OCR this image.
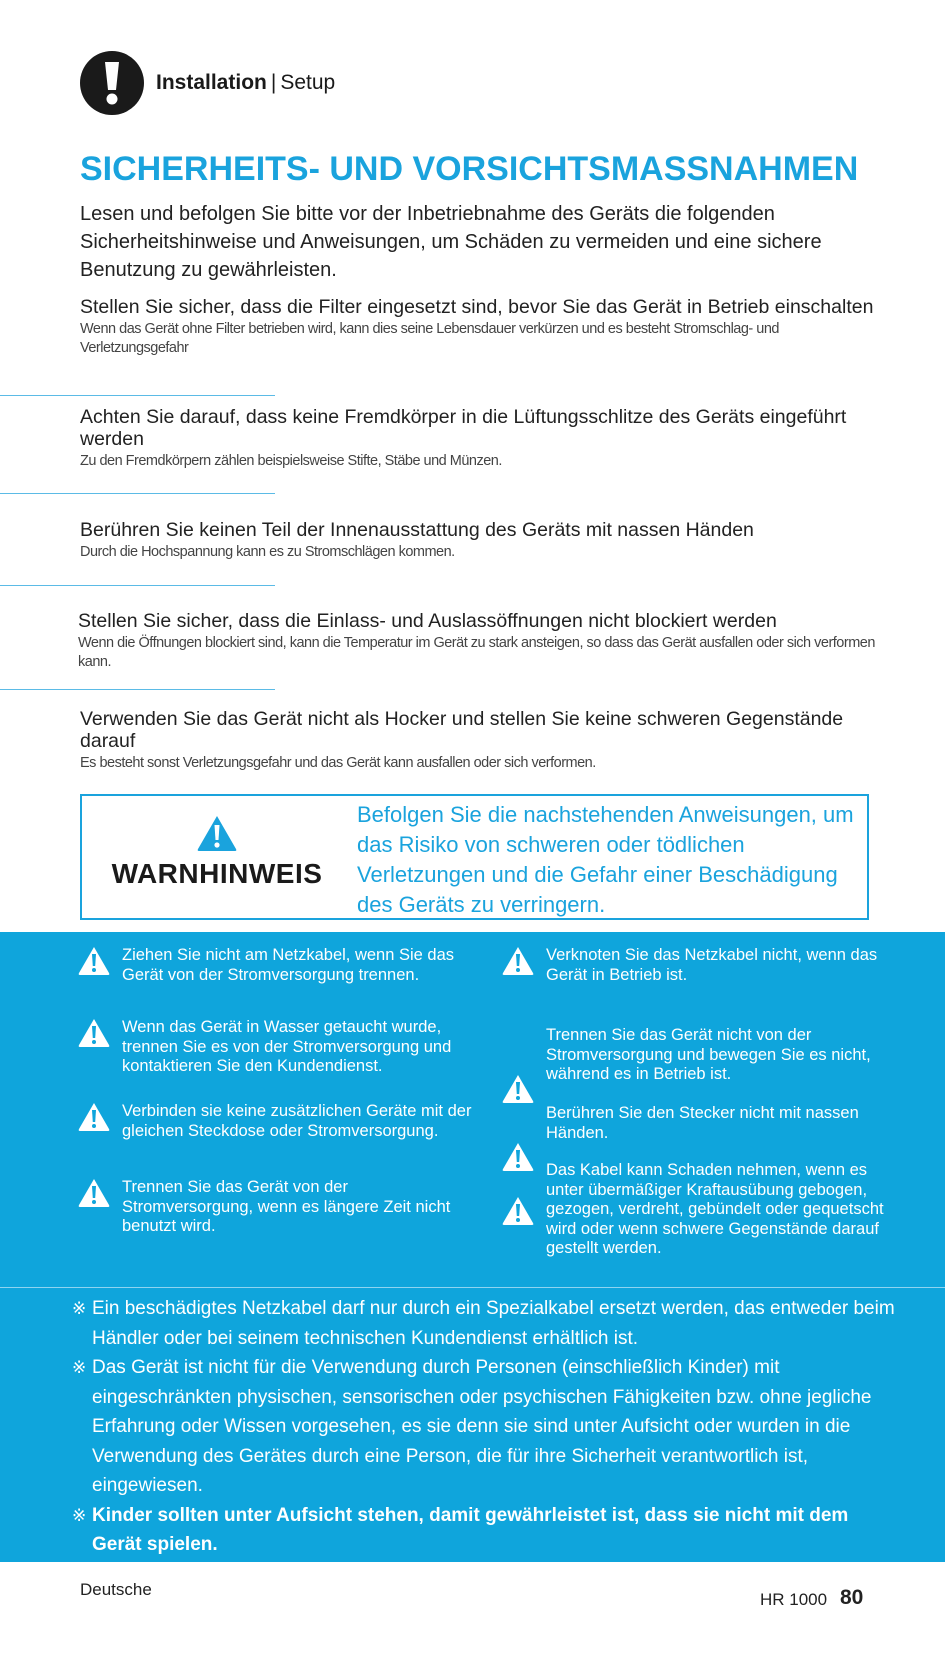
Installation | Setup
SICHERHEITS- UND VORSICHTSMASSNAHMEN

Lesen und befolgen Sie bitte vor der Inbetriebnahme des Geräts die folgenden Sicherheitshinweise und Anweisungen, um Schäden zu vermeiden und eine sichere Benutzung zu gewährleisten.

Stellen Sie sicher, dass die Filter eingesetzt sind, bevor Sie das Gerät in Betrieb einschalten
Wenn das Gerät ohne Filter betrieben wird, kann dies seine Lebensdauer verkürzen und es besteht Stromschlag- und Verletzungsgefahr
Achten Sie darauf, dass keine Fremdkörper in die Lüftungsschlitze des Geräts eingeführt werden
Zu den Fremdkörpern zählen beispielsweise Stifte, Stäbe und Münzen.
Berühren Sie keinen Teil der Innenausstattung des Geräts mit nassen Händen
Durch die Hochspannung kann es zu Stromschlägen kommen.
Stellen Sie sicher, dass die Einlass- und Auslassöffnungen nicht blockiert werden
Wenn die Öffnungen blockiert sind, kann die Temperatur im Gerät zu stark ansteigen, so dass das Gerät ausfallen oder sich verformen kann.
Verwenden Sie das Gerät nicht als Hocker und stellen Sie keine schweren Gegenstände darauf
Es besteht sonst Verletzungsgefahr und das Gerät kann ausfallen oder sich verformen.
WARNHINWEIS
Befolgen Sie die nachstehenden Anweisungen, um das Risiko von schweren oder tödlichen Verletzungen und die Gefahr einer Beschädigung des Geräts zu verringern.
Ziehen Sie nicht am Netzkabel, wenn Sie das Gerät von der Stromversorgung trennen.
Wenn das Gerät in Wasser getaucht wurde, trennen Sie es von der Stromversorgung und kontaktieren Sie den Kundendienst.
Verbinden sie keine zusätzlichen Geräte mit der gleichen Steckdose oder Stromversorgung.
Trennen Sie das Gerät von der Stromversorgung, wenn es längere Zeit nicht benutzt wird.
Verknoten Sie das Netzkabel nicht, wenn das Gerät in Betrieb ist.
Trennen Sie das Gerät nicht von der Stromversorgung und bewegen Sie es nicht, während es in Betrieb ist.
Berühren Sie den Stecker nicht mit nassen Händen.
Das Kabel kann Schaden nehmen, wenn es unter übermäßiger Kraftausübung gebogen, gezogen, verdreht, gebündelt oder gequetscht wird oder wenn schwere Gegenstände darauf gestellt werden.
※ Ein beschädigtes Netzkabel darf nur durch ein Spezialkabel ersetzt werden, das entweder beim Händler oder bei seinem technischen Kundendienst erhältlich ist.
※ Das Gerät ist nicht für die Verwendung durch Personen (einschließlich Kinder) mit eingeschränkten physischen, sensorischen oder psychischen Fähigkeiten bzw. ohne jegliche Erfahrung oder Wissen vorgesehen, es sie denn sie sind unter Aufsicht oder wurden in die Verwendung des Gerätes durch eine Person, die für ihre Sicherheit verantwortlich ist, eingewiesen.
※ Kinder sollten unter Aufsicht stehen, damit gewährleistet ist, dass sie nicht mit dem Gerät spielen.
Deutsche
HR 1000 80
